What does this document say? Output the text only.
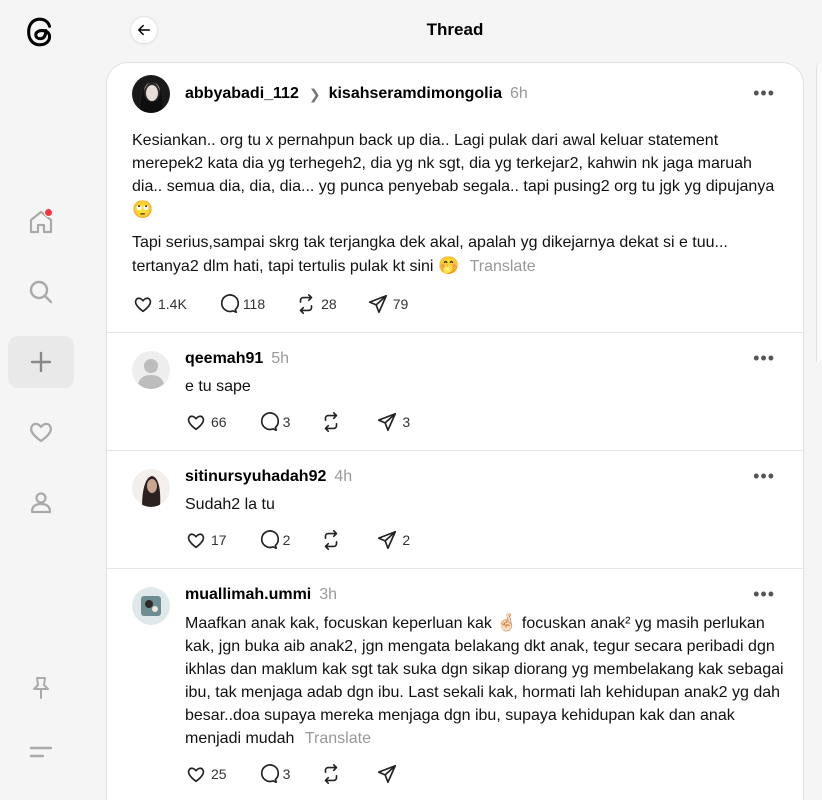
Thread
abbyabadi_112 ❯ kisahseramdimongolia 6h	•••
Kesiankan.. org tu x pernahpun back up dia.. Lagi pulak dari awal keluar statement merepek2 kata dia yg terhegeh2, dia yg nk sgt, dia yg terkejar2, kahwin nk jaga maruah dia.. semua dia, dia, dia... yg punca penyebab segala.. tapi pusing2 org tu jgk yg dipujanya 🙄
Tapi serius,sampai skrg tak terjangka dek akal, apalah yg dikejarnya dekat si e tuu... tertanya2 dlm hati, tapi tertulis pulak kt sini 🤭 Translate
1.4K	118	28	79
qeemah91 5h	•••
e tu sape
66	3	3
sitinursyuhadah92 4h	•••
Sudah2 la tu
17	2	2
muallimah.ummi 3h	•••
Maafkan anak kak, focuskan keperluan kak 🤞🏻 focuskan anak² yg masih perlukan kak, jgn buka aib anak2, jgn mengata belakang dkt anak, tegur secara peribadi dgn ikhlas dan maklum kak sgt tak suka dgn sikap diorang yg membelakang kak sebagai ibu, tak menjaga adab dgn ibu. Last sekali kak, hormati lah kehidupan anak2 yg dah besar..doa supaya mereka menjaga dgn ibu, supaya kehidupan kak dan anak menjadi mudah Translate
25	3
